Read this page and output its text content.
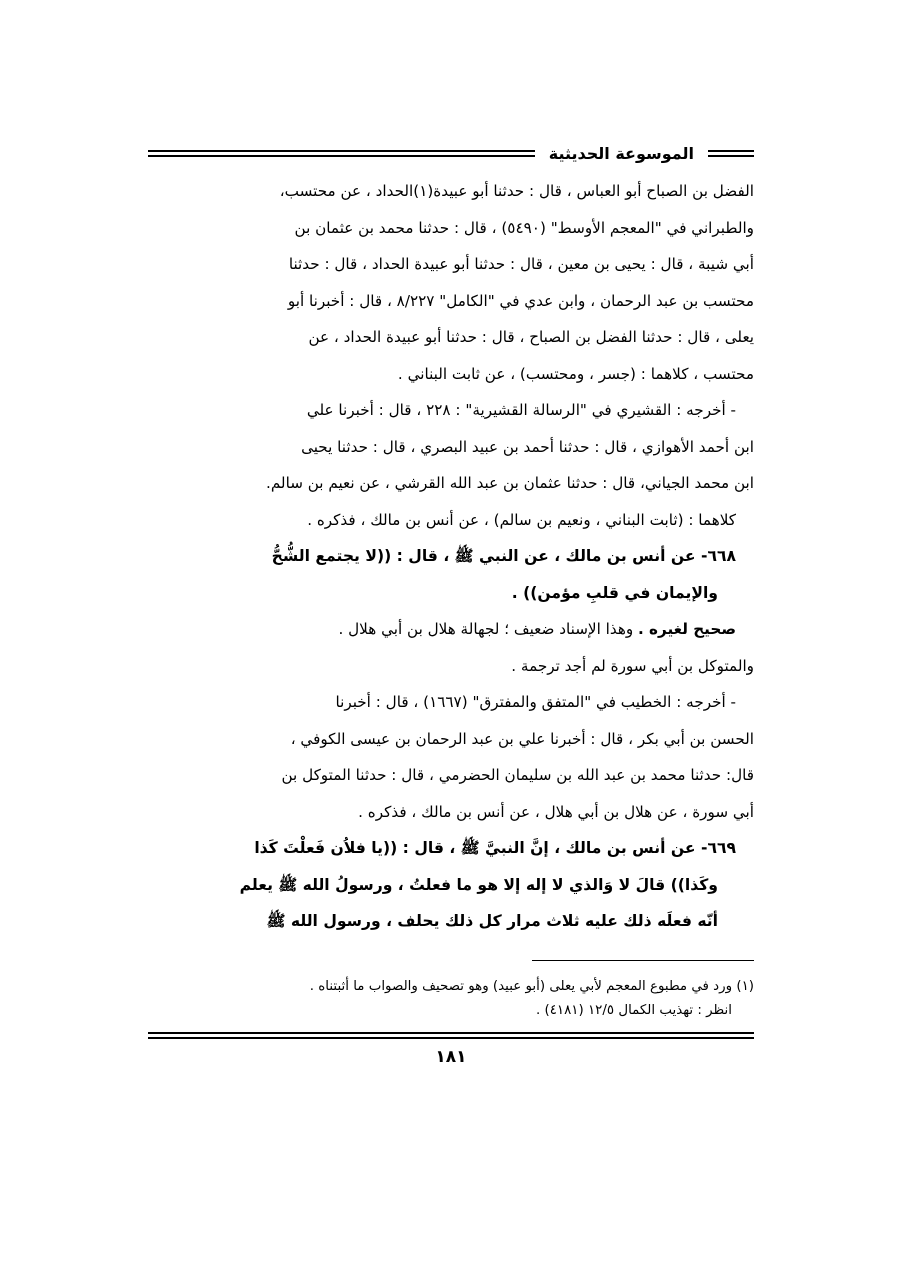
الموسوعة الحديثية

الفضل بن الصباح أبو العباس ، قال : حدثنا أبو عبيدة(١)الحداد ، عن محتسب،

والطبراني في "المعجم الأوسط" (٥٤٩٠) ، قال : حدثنا محمد بن عثمان بن

أبي شيبة ، قال : يحيى بن معين ، قال : حدثنا أبو عبيدة الحداد ، قال : حدثنا

محتسب بن عبد الرحمان ، وابن عدي في "الكامل" ٨/٢٢٧ ، قال : أخبرنا أبو

يعلى ، قال : حدثنا الفضل بن الصباح ، قال : حدثنا أبو عبيدة الحداد ، عن

محتسب ، كلاهما : (جسر ، ومحتسب) ، عن ثابت البناني .

- أخرجه : القشيري في "الرسالة القشيرية" : ٢٢٨ ، قال : أخبرنا علي

ابن أحمد الأهوازي ، قال : حدثنا أحمد بن عبيد البصري ، قال : حدثنا يحيى

ابن محمد الجياني، قال : حدثنا عثمان بن عبد الله القرشي ، عن نعيم بن سالم.

كلاهما : (ثابت البناني ، ونعيم بن سالم) ، عن أنس بن مالك ، فذكره .

٦٦٨- عن أنس بن مالك ، عن النبي ﷺ ، قال : ((لا يجتمع الشُّحُّ

والإيمان في قلبِ مؤمن)) .

صحيح لغيره . وهذا الإسناد ضعيف ؛ لجهالة هلال بن أبي هلال .

والمتوكل بن أبي سورة لم أجد ترجمة .

- أخرجه : الخطيب في "المتفق والمفترق" (١٦٦٧) ، قال : أخبرنا

الحسن بن أبي بكر ، قال : أخبرنا علي بن عبد الرحمان بن عيسى الكوفي ،

قال: حدثنا محمد بن عبد الله بن سليمان الحضرمي ، قال : حدثنا المتوكل بن

أبي سورة ، عن هلال بن أبي هلال ، عن أنس بن مالك ، فذكره .

٦٦٩- عن أنس بن مالك ، إنَّ النبيَّ ﷺ ، قال : ((يا فلاُن فَعلْتَ كَذا

وكَذا)) قالَ لا وَالذي لا إله إلا هو ما فعلتُ ، ورسولُ الله ﷺ يعلم

أنّه فعلَه ذلك عليه ثلاث مرار كل ذلك يحلف ، ورسول الله ﷺ

(١) ورد في مطبوع المعجم لأبي يعلى (أبو عبيد) وهو تصحيف والصواب ما أثبتناه .

انظر : تهذيب الكمال ١٢/٥ (٤١٨١) .

١٨١
